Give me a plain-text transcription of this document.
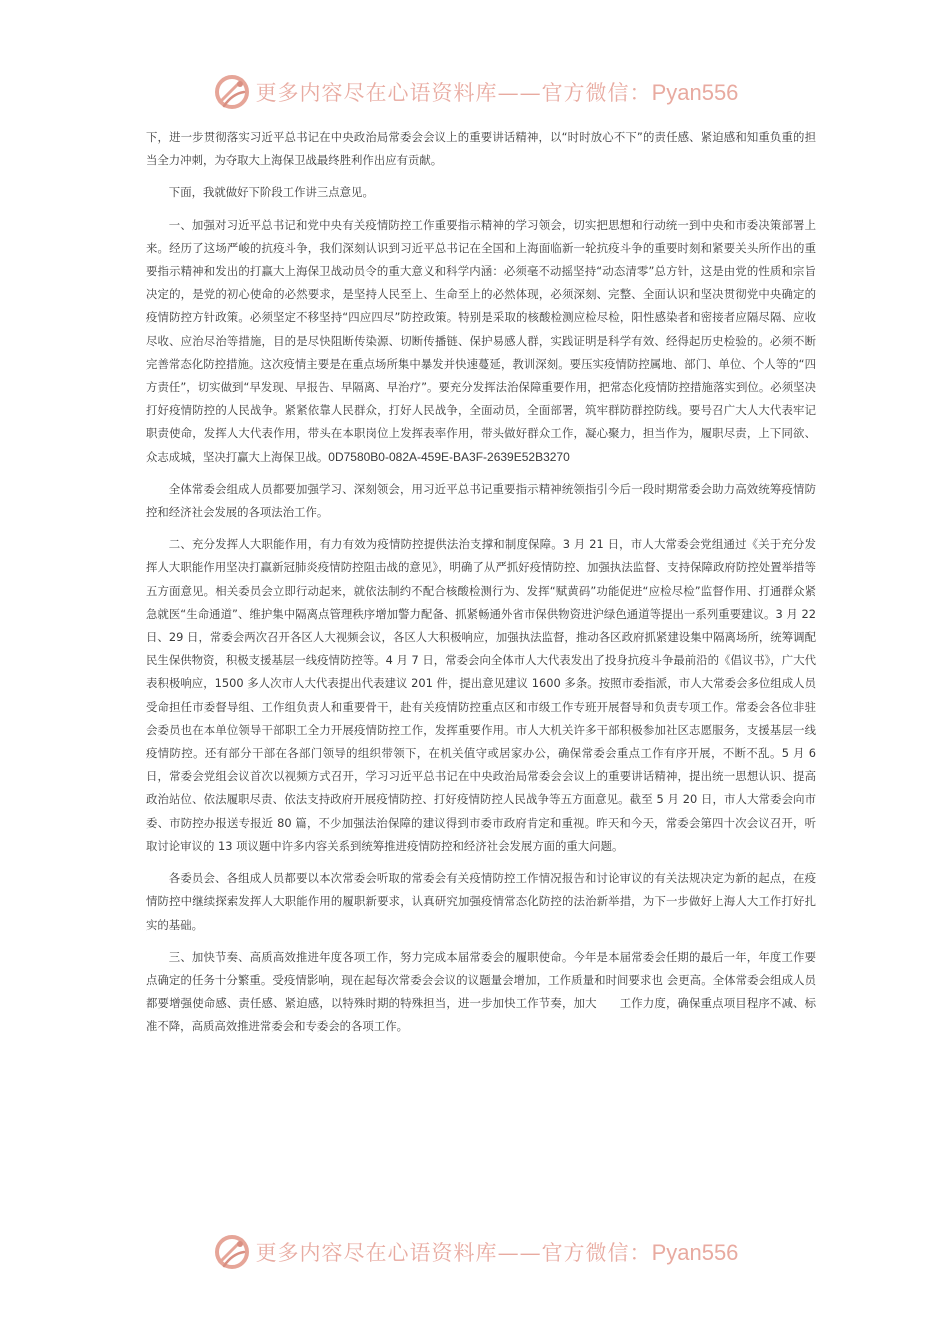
更多内容尽在心语资料库——官方微信：Pyan556

下，进一步贯彻落实习近平总书记在中央政治局常委会会议上的重要讲话精神，以“时时放心不下”的责任感、紧迫感和知重负重的担当全力冲刺，为夺取大上海保卫战最终胜利作出应有贡献。

下面，我就做好下阶段工作讲三点意见。

一、加强对习近平总书记和党中央有关疫情防控工作重要指示精神的学习领会，切实把思想和行动统一到中央和市委决策部署上来。经历了这场严峻的抗疫斗争，我们深刻认识到习近平总书记在全国和上海面临新一轮抗疫斗争的重要时刻和紧要关头所作出的重要指示精神和发出的打赢大上海保卫战动员令的重大意义和科学内涵：必须毫不动摇坚持“动态清零”总方针，这是由党的性质和宗旨决定的，是党的初心使命的必然要求，是坚持人民至上、生命至上的必然体现，必须深刻、完整、全面认识和坚决贯彻党中央确定的疫情防控方针政策。必须坚定不移坚持“四应四尽”防控政策。特别是采取的核酸检测应检尽检，阳性感染者和密接者应隔尽隔、应收尽收、应治尽治等措施，目的是尽快阻断传染源、切断传播链、保护易感人群，实践证明是科学有效、经得起历史检验的。必须不断完善常态化防控措施。这次疫情主要是在重点场所集中暴发并快速蔓延，教训深刻。要压实疫情防控属地、部门、单位、个人等的“四方责任”，切实做到“早发现、早报告、早隔离、早治疗”。要充分发挥法治保障重要作用，把常态化疫情防控措施落实到位。必须坚决打好疫情防控的人民战争。紧紧依靠人民群众，打好人民战争，全面动员，全面部署，筑牢群防群控防线。要号召广大人大代表牢记职责使命，发挥人大代表作用，带头在本职岗位上发挥表率作用，带头做好群众工作，凝心聚力，担当作为，履职尽责，上下同欲、众志成城，坚决打赢大上海保卫战。0D7580B0-082A-459E-BA3F-2639E52B3270

全体常委会组成人员都要加强学习、深刻领会，用习近平总书记重要指示精神统领指引今后一段时期常委会助力高效统筹疫情防控和经济社会发展的各项法治工作。

二、充分发挥人大职能作用，有力有效为疫情防控提供法治支撑和制度保障。3 月 21 日，市人大常委会党组通过《关于充分发挥人大职能作用坚决打赢新冠肺炎疫情防控阻击战的意见》，明确了从严抓好疫情防控、加强执法监督、支持保障政府防控处置举措等五方面意见。相关委员会立即行动起来，就依法制约不配合核酸检测行为、发挥“赋黄码”功能促进“应检尽检”监督作用、打通群众紧急就医“生命通道”、维护集中隔离点管理秩序增加警力配备、抓紧畅通外省市保供物资进沪绿色通道等提出一系列重要建议。3 月 22 日、29 日，常委会两次召开各区人大视频会议，各区人大积极响应，加强执法监督，推动各区政府抓紧建设集中隔离场所，统筹调配民生保供物资，积极支援基层一线疫情防控等。4 月 7 日，常委会向全体市人大代表发出了投身抗疫斗争最前沿的《倡议书》，广大代表积极响应，1500 多人次市人大代表提出代表建议 201 件，提出意见建议 1600 多条。按照市委指派，市人大常委会多位组成人员受命担任市委督导组、工作组负责人和重要骨干，赴有关疫情防控重点区和市级工作专班开展督导和负责专项工作。常委会各位非驻会委员也在本单位领导干部职工全力开展疫情防控工作，发挥重要作用。市人大机关许多干部积极参加社区志愿服务，支援基层一线疫情防控。还有部分干部在各部门领导的组织带领下，在机关值守或居家办公，确保常委会重点工作有序开展，不断不乱。5 月 6 日，常委会党组会议首次以视频方式召开，学习习近平总书记在中央政治局常委会会议上的重要讲话精神，提出统一思想认识、提高政治站位、依法履职尽责、依法支持政府开展疫情防控、打好疫情防控人民战争等五方面意见。截至 5 月 20 日，市人大常委会向市委、市防控办报送专报近 80 篇，不少加强法治保障的建议得到市委市政府肯定和重视。昨天和今天，常委会第四十次会议召开，听取讨论审议的 13 项议题中许多内容关系到统筹推进疫情防控和经济社会发展方面的重大问题。

各委员会、各组成人员都要以本次常委会听取的常委会有关疫情防控工作情况报告和讨论审议的有关法规决定为新的起点，在疫情防控中继续探索发挥人大职能作用的履职新要求，认真研究加强疫情常态化防控的法治新举措，为下一步做好上海人大工作打好扎实的基础。

三、加快节奏、高质高效推进年度各项工作，努力完成本届常委会的履职使命。今年是本届常委会任期的最后一年，年度工作要点确定的任务十分繁重。受疫情影响，现在起每次常委会会议的议题量会增加，工作质量和时间要求也 会更高。全体常委会组成人员都要增强使命感、责任感、紧迫感，以特殊时期的特殊担当，进一步加快工作节奏，加大　　工作力度，确保重点项目程序不减、标准不降，高质高效推进常委会和专委会的各项工作。

更多内容尽在心语资料库——官方微信：Pyan556
